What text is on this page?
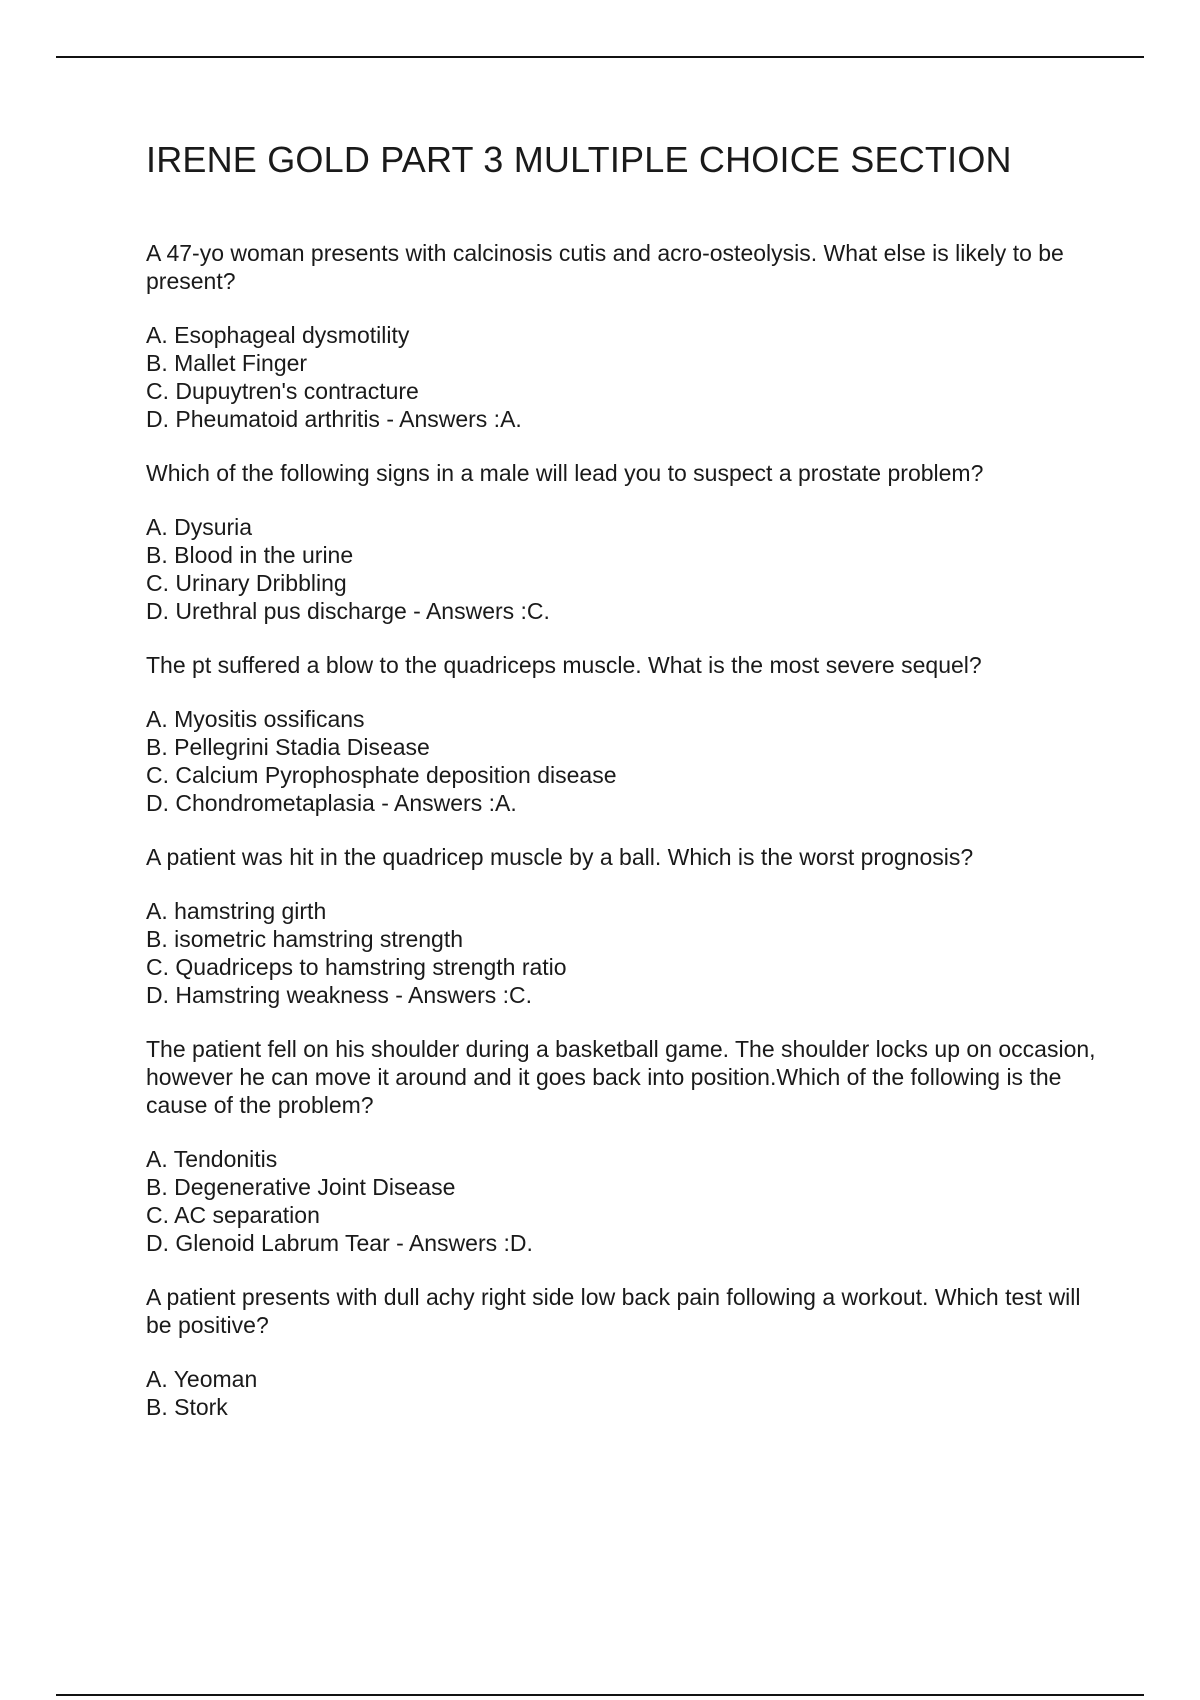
IRENE GOLD PART 3 MULTIPLE CHOICE SECTION

A 47-yo woman presents with calcinosis cutis and acro-osteolysis. What else is likely to be present?

A. Esophageal dysmotility
B. Mallet Finger
C. Dupuytren's contracture
D. Pheumatoid arthritis - Answers :A.

Which of the following signs in a male will lead you to suspect a prostate problem?

A. Dysuria
B. Blood in the urine
C. Urinary Dribbling
D. Urethral pus discharge - Answers :C.

The pt suffered a blow to the quadriceps muscle. What is the most severe sequel?

A. Myositis ossificans
B. Pellegrini Stadia Disease
C. Calcium Pyrophosphate deposition disease
D. Chondrometaplasia - Answers :A.

A patient was hit in the quadricep muscle by a ball. Which is the worst prognosis?

A. hamstring girth
B. isometric hamstring strength
C. Quadriceps to hamstring strength ratio
D. Hamstring weakness - Answers :C.

The patient fell on his shoulder during a basketball game. The shoulder locks up on occasion, however he can move it around and it goes back into position.Which of the following is the cause of the problem?

A. Tendonitis
B. Degenerative Joint Disease
C. AC separation
D. Glenoid Labrum Tear - Answers :D.

A patient presents with dull achy right side low back pain following a workout. Which test will be positive?

A. Yeoman
B. Stork
